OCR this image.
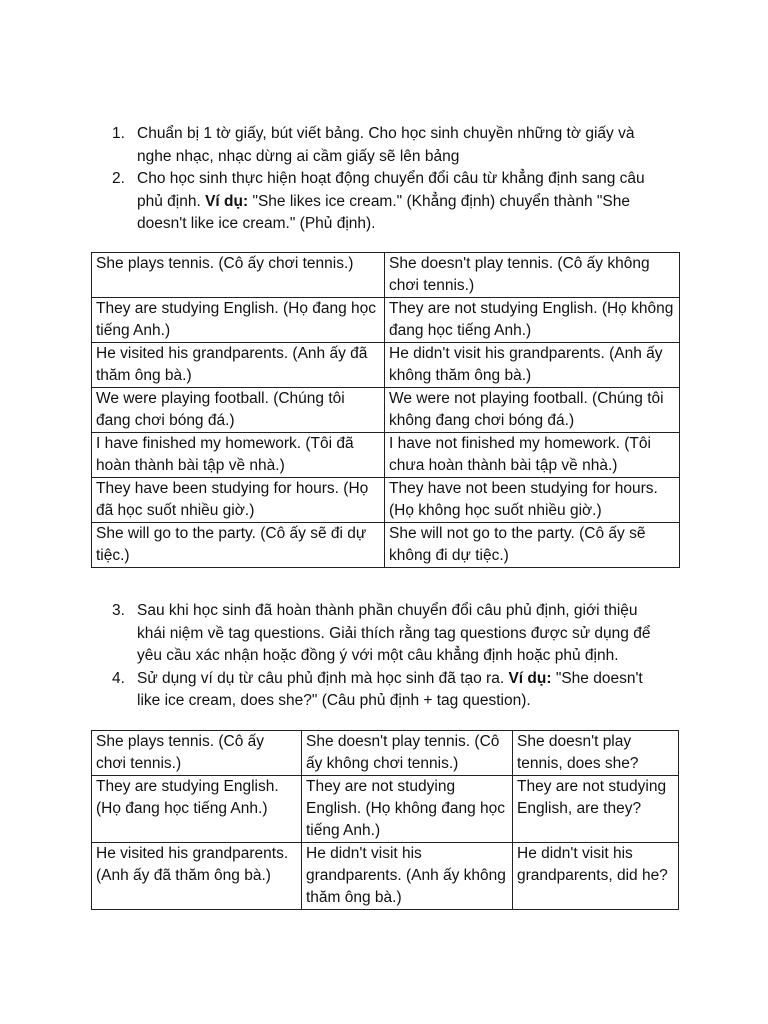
1. Chuẩn bị 1 tờ giấy, bút viết bảng. Cho học sinh chuyền những tờ giấy và nghe nhạc, nhạc dừng ai cầm giấy sẽ lên bảng
2. Cho học sinh thực hiện hoạt động chuyển đổi câu từ khẳng định sang câu phủ định. Ví dụ: "She likes ice cream." (Khẳng định) chuyển thành "She doesn't like ice cream." (Phủ định).
She plays tennis. (Cô ấy chơi tennis.)	She doesn't play tennis. (Cô ấy không chơi tennis.)
They are studying English. (Họ đang học tiếng Anh.)	They are not studying English. (Họ không đang học tiếng Anh.)
He visited his grandparents. (Anh ấy đã thăm ông bà.)	He didn't visit his grandparents. (Anh ấy không thăm ông bà.)
We were playing football. (Chúng tôi đang chơi bóng đá.)	We were not playing football. (Chúng tôi không đang chơi bóng đá.)
I have finished my homework. (Tôi đã hoàn thành bài tập về nhà.)	I have not finished my homework. (Tôi chưa hoàn thành bài tập về nhà.)
They have been studying for hours. (Họ đã học suốt nhiều giờ.)	They have not been studying for hours. (Họ không học suốt nhiều giờ.)
She will go to the party. (Cô ấy sẽ đi dự tiệc.)	She will not go to the party. (Cô ấy sẽ không đi dự tiệc.)
3. Sau khi học sinh đã hoàn thành phần chuyển đổi câu phủ định, giới thiệu khái niệm về tag questions. Giải thích rằng tag questions được sử dụng để yêu cầu xác nhận hoặc đồng ý với một câu khẳng định hoặc phủ định.
4. Sử dụng ví dụ từ câu phủ định mà học sinh đã tạo ra. Ví dụ: "She doesn't like ice cream, does she?" (Câu phủ định + tag question).
She plays tennis. (Cô ấy chơi tennis.)	She doesn't play tennis. (Cô ấy không chơi tennis.)	She doesn't play tennis, does she?
They are studying English. (Họ đang học tiếng Anh.)	They are not studying English. (Họ không đang học tiếng Anh.)	They are not studying English, are they?
He visited his grandparents. (Anh ấy đã thăm ông bà.)	He didn't visit his grandparents. (Anh ấy không thăm ông bà.)	He didn't visit his grandparents, did he?
